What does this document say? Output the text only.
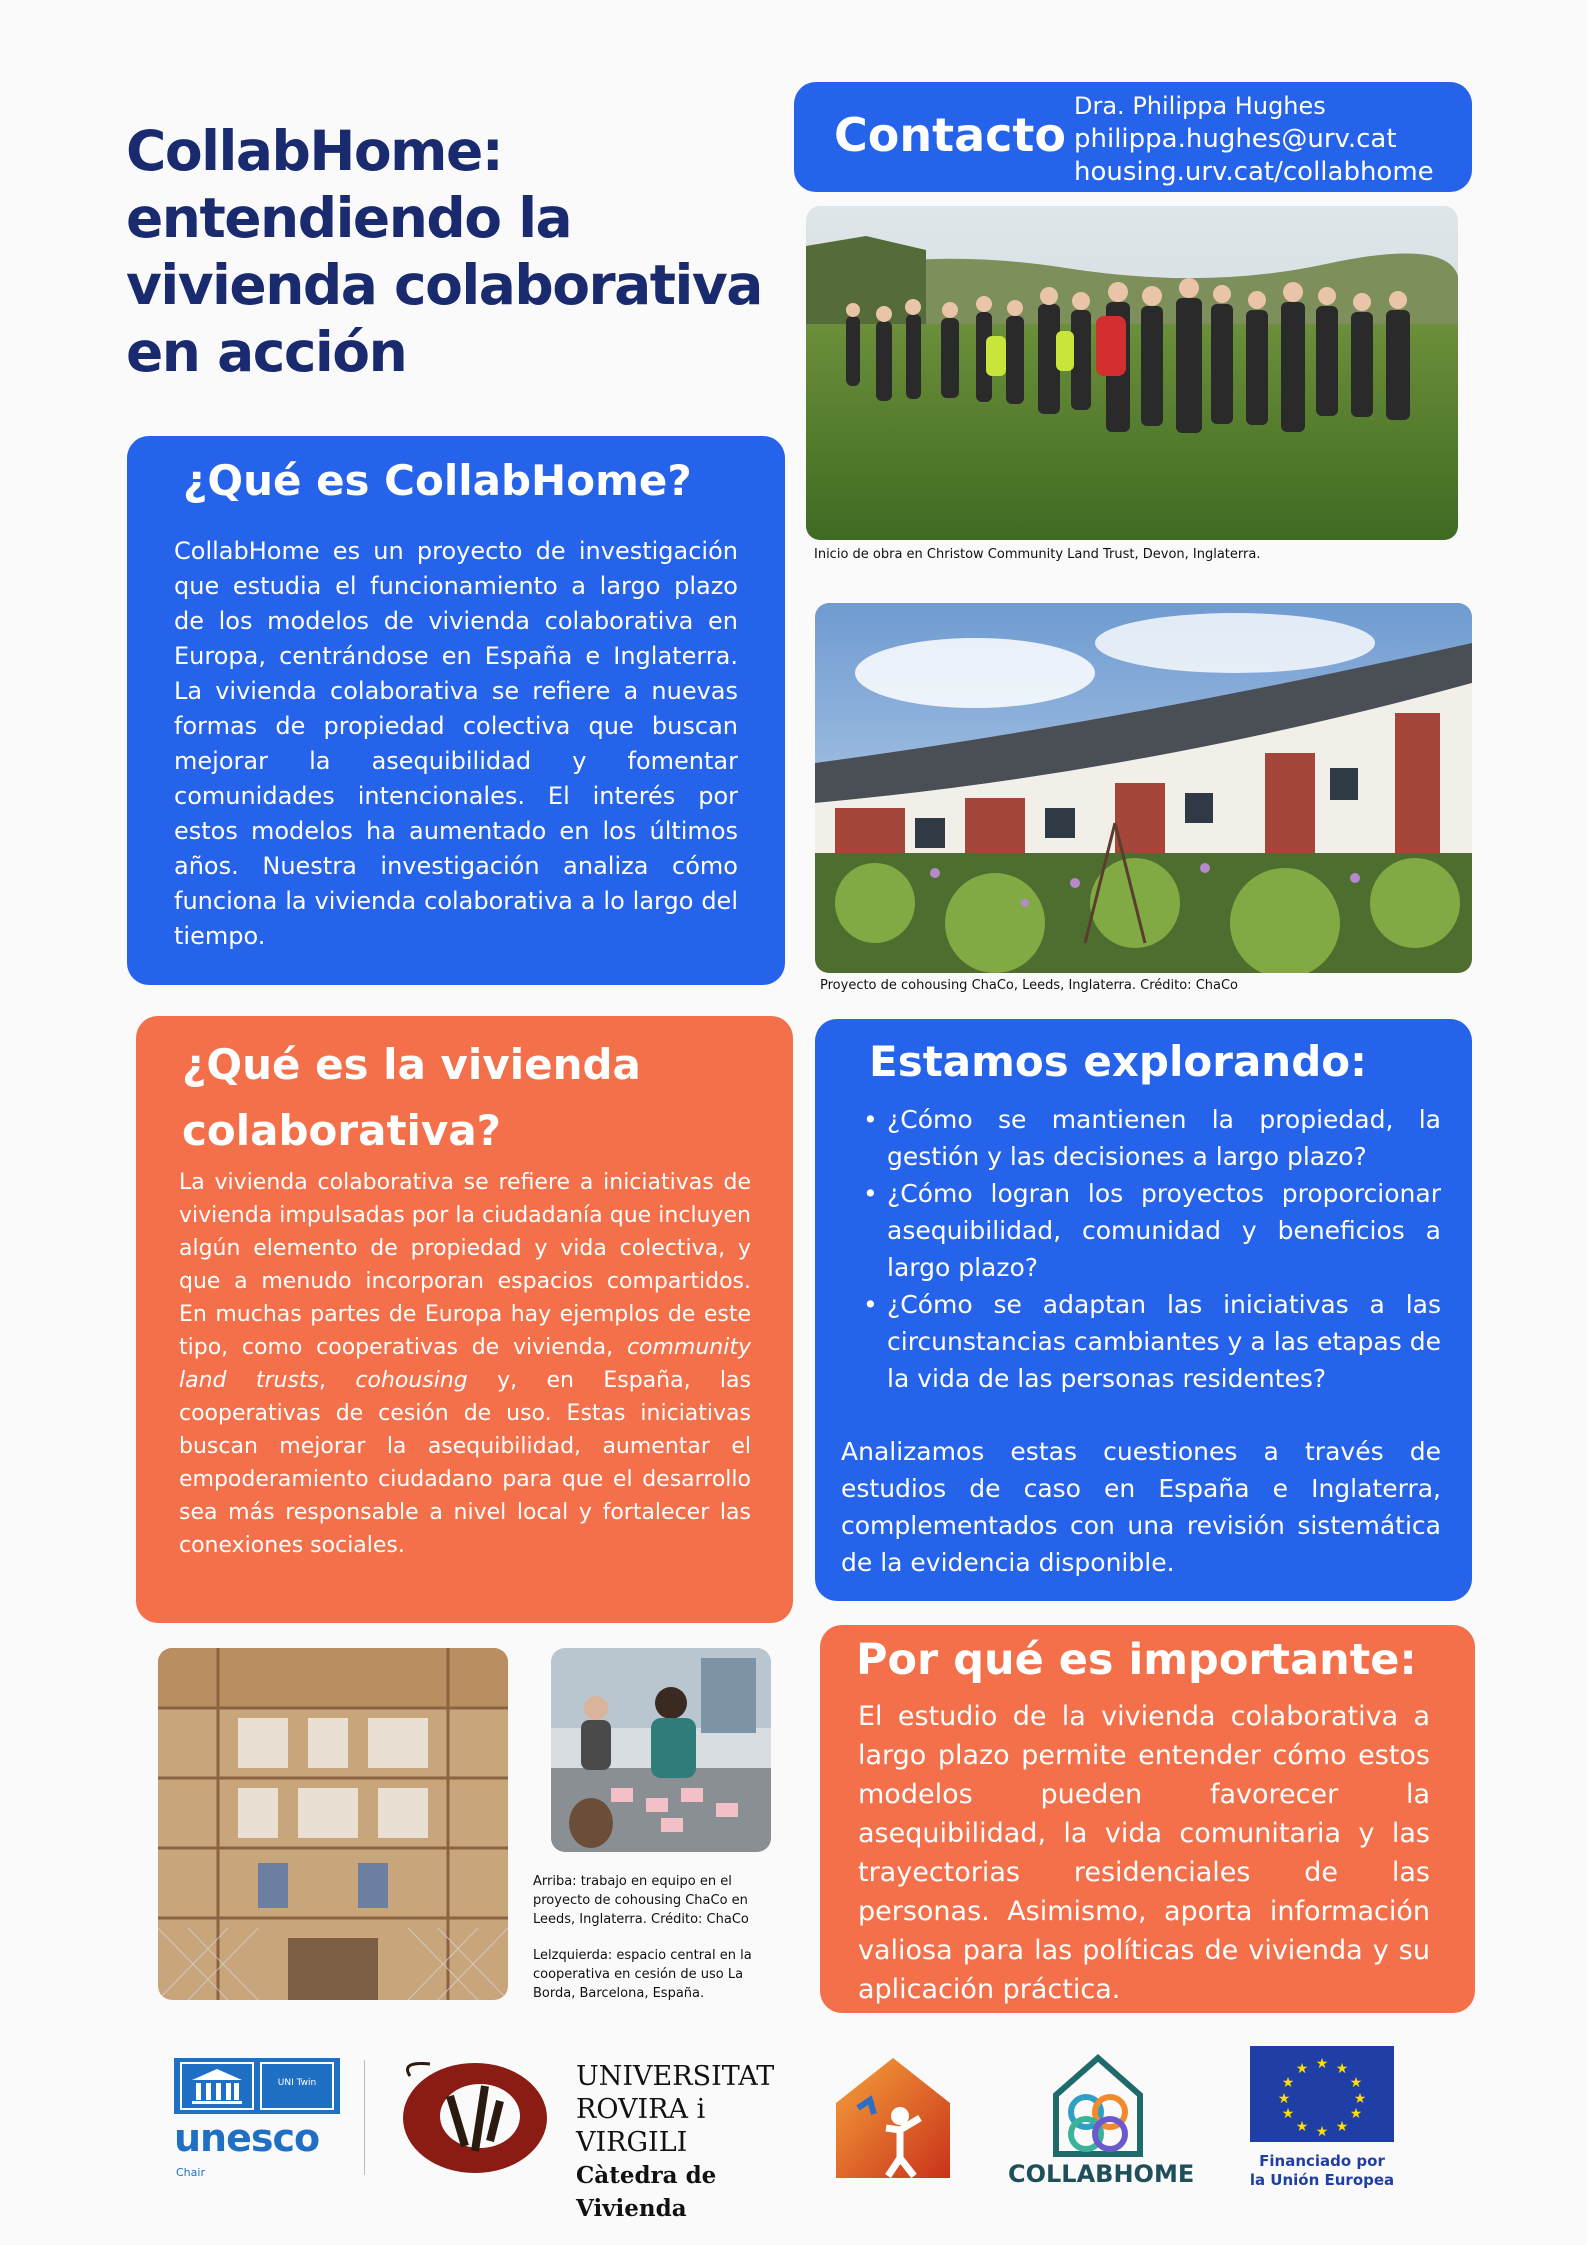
CollabHome: entendiendo la vivienda colaborativa en acción
Contacto
Dra. Philippa Hughes
philippa.hughes@urv.cat
housing.urv.cat/collabhome
Inicio de obra en Christow Community Land Trust, Devon, Inglaterra.
Proyecto de cohousing ChaCo, Leeds, Inglaterra. Crédito: ChaCo
¿Qué es CollabHome?
CollabHome es un proyecto de investigación que estudia el funcionamiento a largo plazo de los modelos de vivienda colaborativa en Europa, centrándose en España e Inglaterra. La vivienda colaborativa se refiere a nuevas formas de propiedad colectiva que buscan mejorar la asequibilidad y fomentar comunidades intencionales. El interés por estos modelos ha aumentado en los últimos años. Nuestra investigación analiza cómo funciona la vivienda colaborativa a lo largo del tiempo.
¿Qué es la vivienda colaborativa?
La vivienda colaborativa se refiere a iniciativas de vivienda impulsadas por la ciudadanía que incluyen algún elemento de propiedad y vida colectiva, y que a menudo incorporan espacios compartidos. En muchas partes de Europa hay ejemplos de este tipo, como cooperativas de vivienda, community land trusts, cohousing y, en España, las cooperativas de cesión de uso. Estas iniciativas buscan mejorar la asequibilidad, aumentar el empoderamiento ciudadano para que el desarrollo sea más responsable a nivel local y fortalecer las conexiones sociales.
Estamos explorando:
• ¿Cómo se mantienen la propiedad, la gestión y las decisiones a largo plazo?
• ¿Cómo logran los proyectos proporcionar asequibilidad, comunidad y beneficios a largo plazo?
• ¿Cómo se adaptan las iniciativas a las circunstancias cambiantes y a las etapas de la vida de las personas residentes?
Analizamos estas cuestiones a través de estudios de caso en España e Inglaterra, complementados con una revisión sistemática de la evidencia disponible.
Por qué es importante:
El estudio de la vivienda colaborativa a largo plazo permite entender cómo estos modelos pueden favorecer la asequibilidad, la vida comunitaria y las trayectorias residenciales de las personas. Asimismo, aporta información valiosa para las políticas de vivienda y su aplicación práctica.
Arriba: trabajo en equipo en el proyecto de cohousing ChaCo en Leeds, Inglaterra. Crédito: ChaCo
Lelzquierda: espacio central en la cooperativa en cesión de uso La Borda, Barcelona, España.
UNI Twin
unesco
Chair
UNIVERSITAT
ROVIRA i VIRGILI
Càtedra de Vivienda
COLLABHOME
★ ★
★
★
★
★
★
★
★
★
★
★
Financiado por
la Unión Europea
